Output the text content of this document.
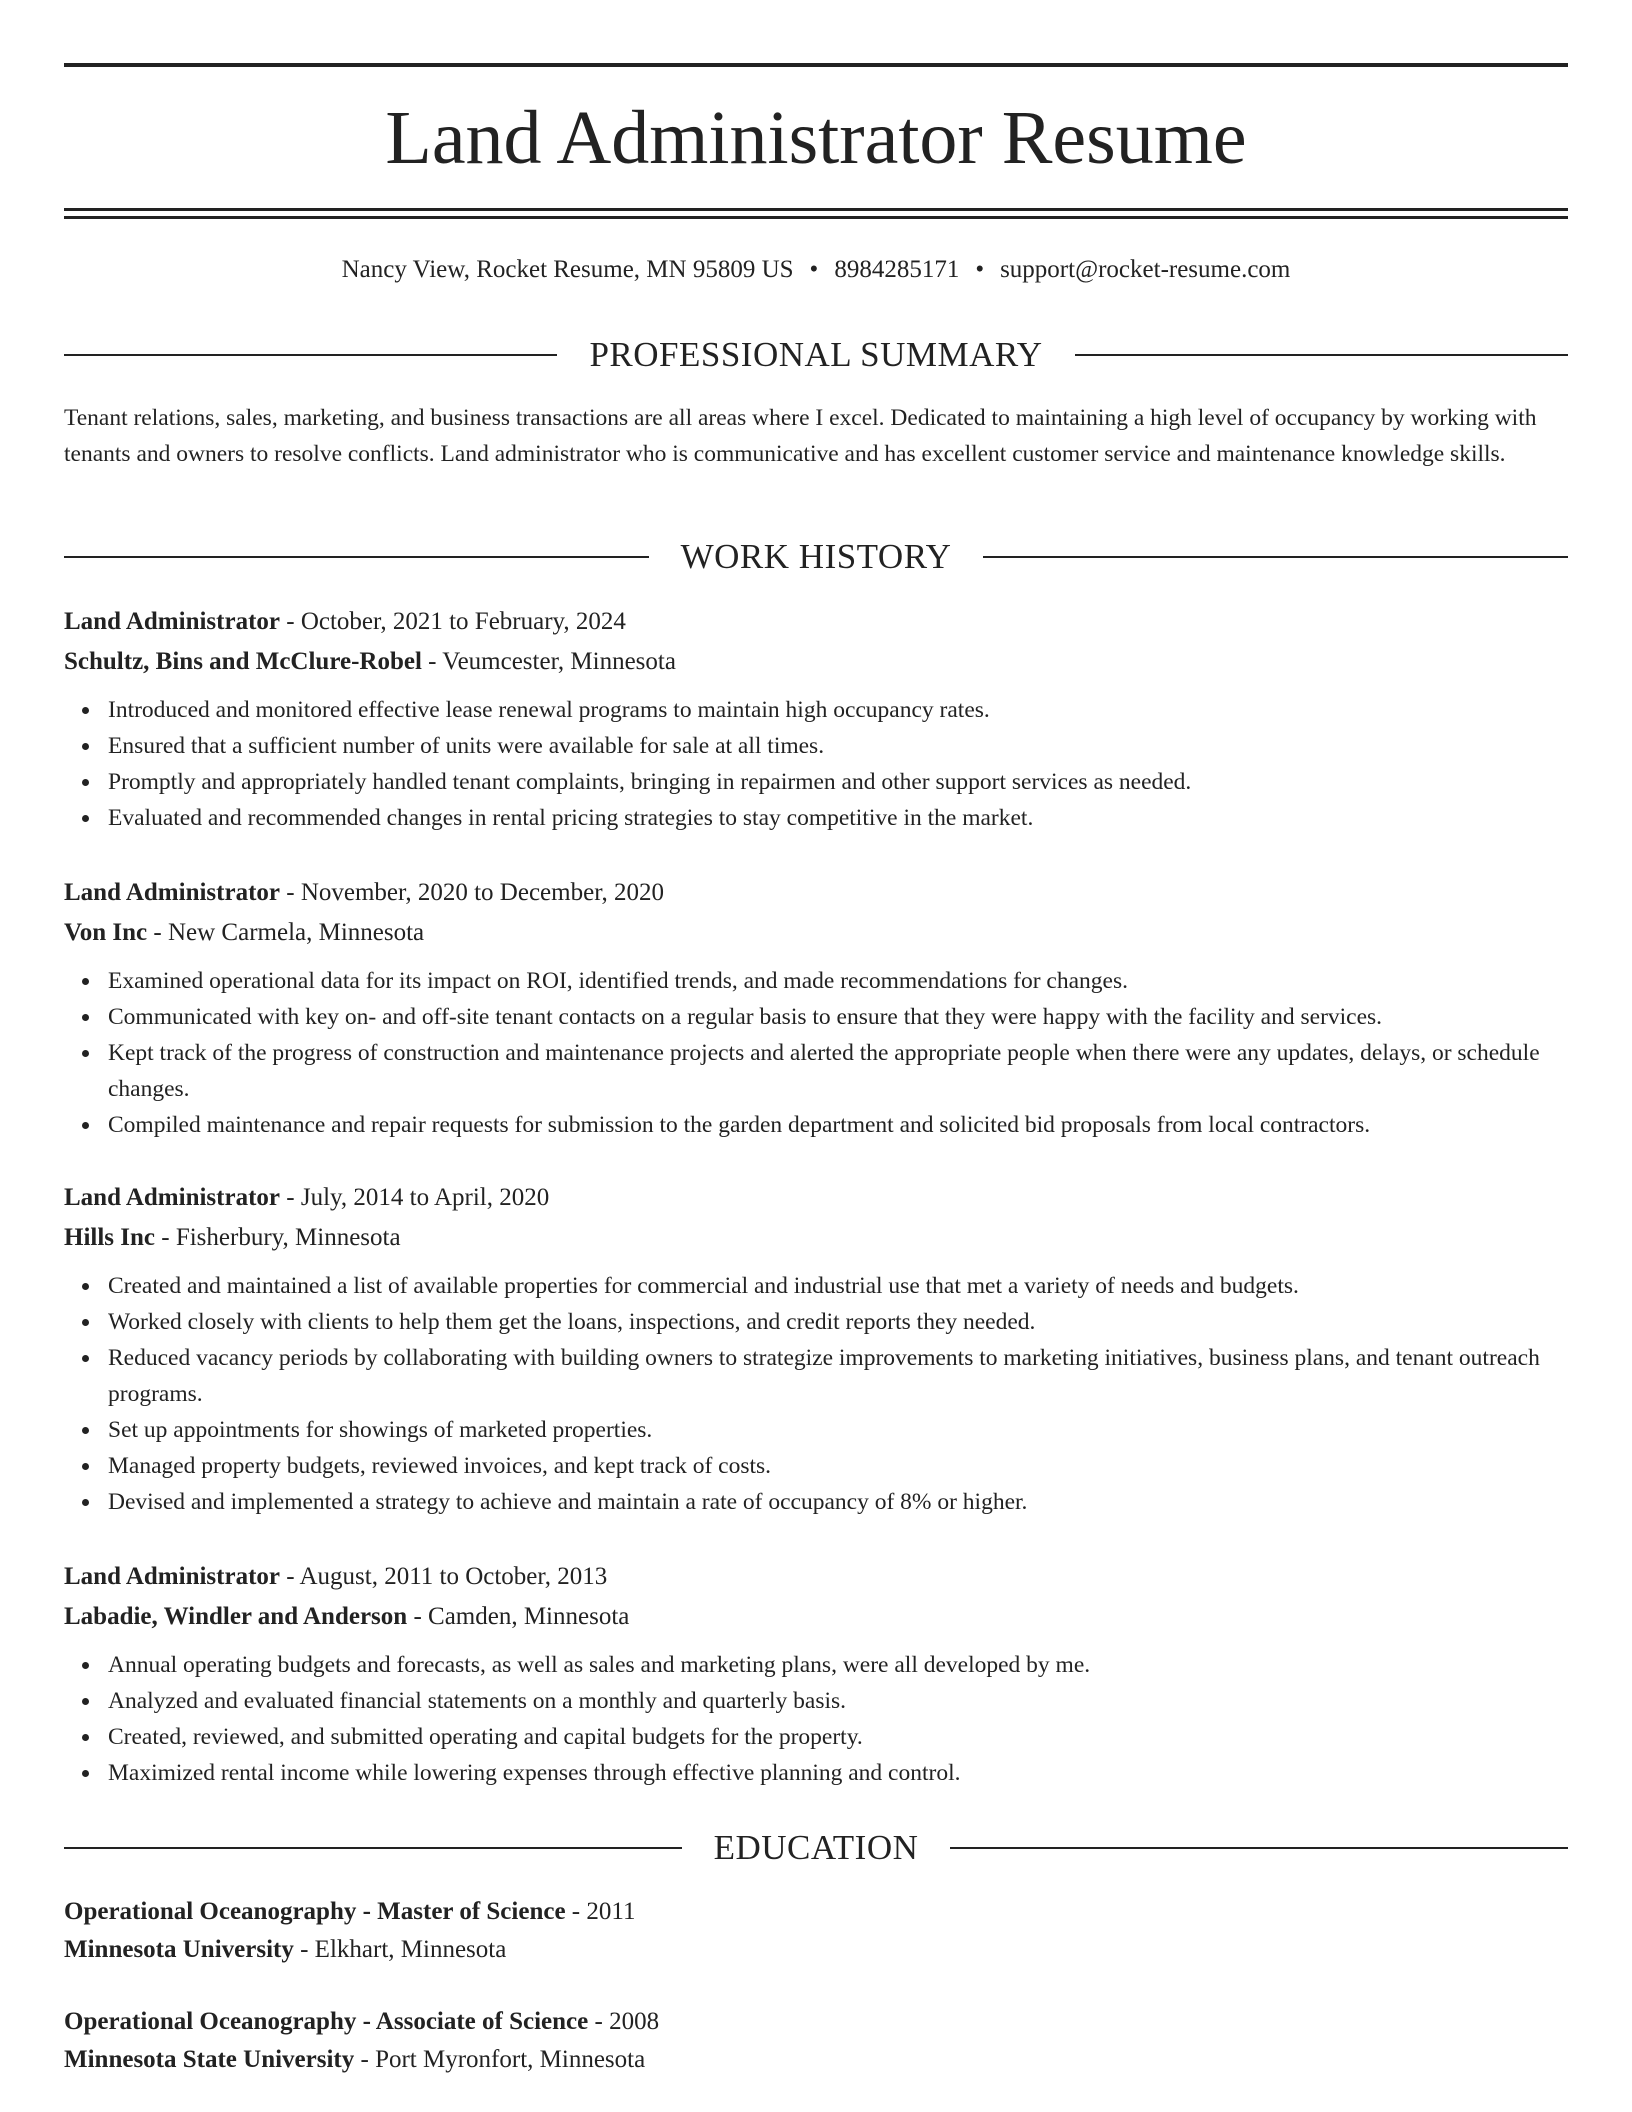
Land Administrator Resume
Nancy View, Rocket Resume, MN 95809 US • 8984285171 • support@rocket-resume.com
PROFESSIONAL SUMMARY

Tenant relations, sales, marketing, and business transactions are all areas where I excel. Dedicated to maintaining a high level of occupancy by working with tenants and owners to resolve conflicts. Land administrator who is communicative and has excellent customer service and maintenance knowledge skills.

WORK HISTORY
Land Administrator - October, 2021 to February, 2024
Schultz, Bins and McClure-Robel - Veumcester, Minnesota
Introduced and monitored effective lease renewal programs to maintain high occupancy rates.
Ensured that a sufficient number of units were available for sale at all times.
Promptly and appropriately handled tenant complaints, bringing in repairmen and other support services as needed.
Evaluated and recommended changes in rental pricing strategies to stay competitive in the market.
Land Administrator - November, 2020 to December, 2020
Von Inc - New Carmela, Minnesota
Examined operational data for its impact on ROI, identified trends, and made recommendations for changes.
Communicated with key on- and off-site tenant contacts on a regular basis to ensure that they were happy with the facility and services.
Kept track of the progress of construction and maintenance projects and alerted the appropriate people when there were any updates, delays, or schedule changes.
Compiled maintenance and repair requests for submission to the garden department and solicited bid proposals from local contractors.
Land Administrator - July, 2014 to April, 2020
Hills Inc - Fisherbury, Minnesota
Created and maintained a list of available properties for commercial and industrial use that met a variety of needs and budgets.
Worked closely with clients to help them get the loans, inspections, and credit reports they needed.
Reduced vacancy periods by collaborating with building owners to strategize improvements to marketing initiatives, business plans, and tenant outreach programs.
Set up appointments for showings of marketed properties.
Managed property budgets, reviewed invoices, and kept track of costs.
Devised and implemented a strategy to achieve and maintain a rate of occupancy of 8% or higher.
Land Administrator - August, 2011 to October, 2013
Labadie, Windler and Anderson - Camden, Minnesota
Annual operating budgets and forecasts, as well as sales and marketing plans, were all developed by me.
Analyzed and evaluated financial statements on a monthly and quarterly basis.
Created, reviewed, and submitted operating and capital budgets for the property.
Maximized rental income while lowering expenses through effective planning and control.
EDUCATION
Operational Oceanography - Master of Science - 2011
Minnesota University - Elkhart, Minnesota
Operational Oceanography - Associate of Science - 2008
Minnesota State University - Port Myronfort, Minnesota
